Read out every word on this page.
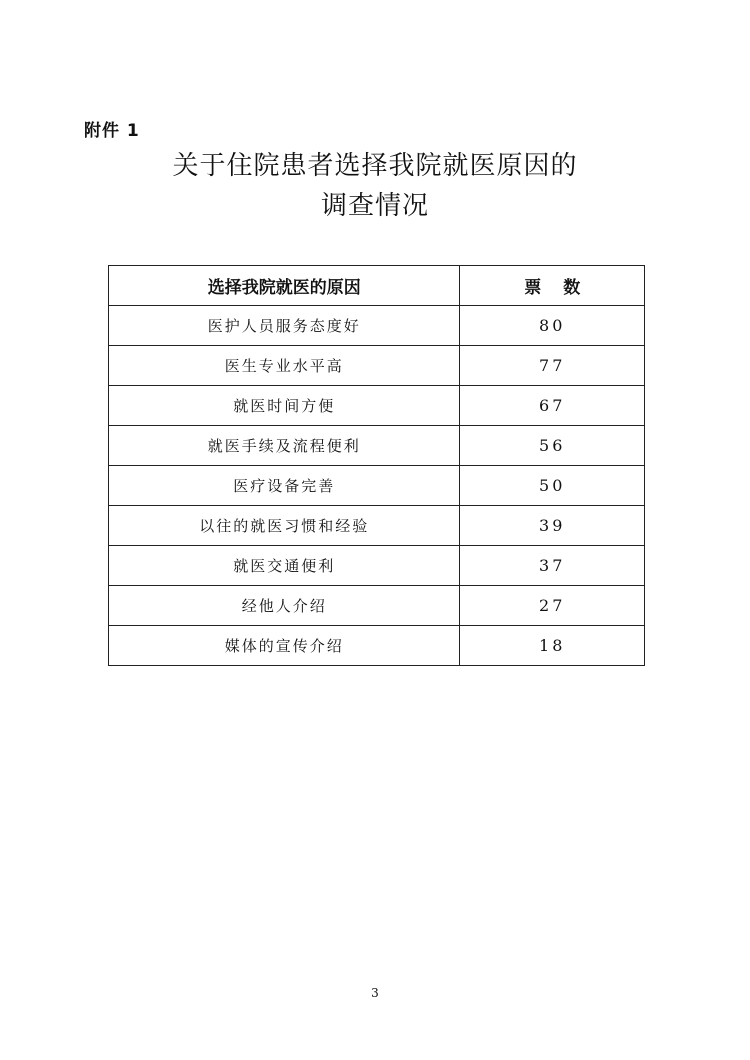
附件 1
关于住院患者选择我院就医原因的
调查情况
选择我院就医的原因	票数
医护人员服务态度好	80
医生专业水平高	77
就医时间方便	67
就医手续及流程便利	56
医疗设备完善	50
以往的就医习惯和经验	39
就医交通便利	37
经他人介绍	27
媒体的宣传介绍	18
3
